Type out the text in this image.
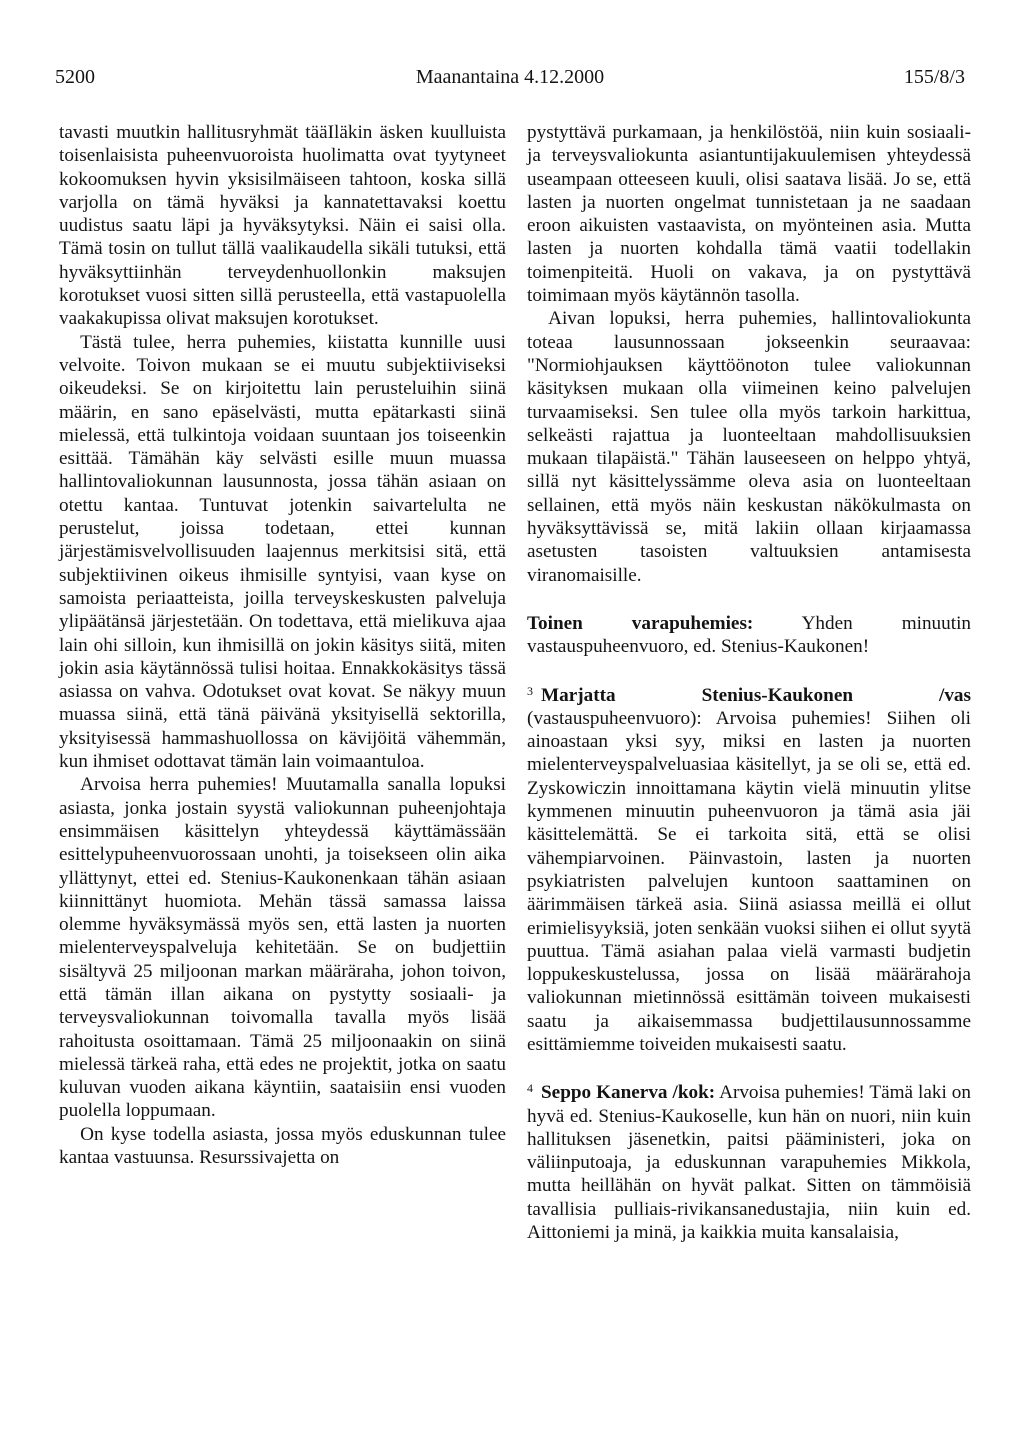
5200	Maanantaina 4.12.2000	155/8/3

tavasti muutkin hallitusryhmät tääIläkin äsken kuulluista toisenlaisista puheenvuoroista huolimatta ovat tyytyneet kokoomuksen hyvin yksisilmäiseen tahtoon, koska sillä varjolla on tämä hyväksi ja kannatettavaksi koettu uudistus saatu läpi ja hyväksytyksi. Näin ei saisi olla. Tämä tosin on tullut tällä vaalikaudella sikäli tutuksi, että hyväksyttiinhän terveydenhuollonkin maksujen korotukset vuosi sitten sillä perusteella, että vastapuolella vaakakupissa olivat maksujen korotukset.

Tästä tulee, herra puhemies, kiistatta kunnille uusi velvoite. Toivon mukaan se ei muutu subjektiiviseksi oikeudeksi. Se on kirjoitettu lain perusteluihin siinä määrin, en sano epäselvästi, mutta epätarkasti siinä mielessä, että tulkintoja voidaan suuntaan jos toiseenkin esittää. Tämähän käy selvästi esille muun muassa hallintovaliokunnan lausunnosta, jossa tähän asiaan on otettu kantaa. Tuntuvat jotenkin saivartelulta ne perustelut, joissa todetaan, ettei kunnan järjestämisvelvollisuuden laajennus merkitsisi sitä, että subjektiivinen oikeus ihmisille syntyisi, vaan kyse on samoista periaatteista, joilla terveyskeskusten palveluja ylipäätänsä järjestetään. On todettava, että mielikuva ajaa lain ohi silloin, kun ihmisillä on jokin käsitys siitä, miten jokin asia käytännössä tulisi hoitaa. Ennakkokäsitys tässä asiassa on vahva. Odotukset ovat kovat. Se näkyy muun muassa siinä, että tänä päivänä yksityisellä sektorilla, yksityisessä hammashuollossa on kävijöitä vähemmän, kun ihmiset odottavat tämän lain voimaantuloa.

Arvoisa herra puhemies! Muutamalla sanalla lopuksi asiasta, jonka jostain syystä valiokunnan puheenjohtaja ensimmäisen käsittelyn yhteydessä käyttämässään esittelypuheenvuorossaan unohti, ja toisekseen olin aika yllättynyt, ettei ed. Stenius-Kaukonenkaan tähän asiaan kiinnittänyt huomiota. Mehän tässä samassa laissa olemme hyväksymässä myös sen, että lasten ja nuorten mielenterveyspalveluja kehitetään. Se on budjettiin sisältyvä 25 miljoonan markan määräraha, johon toivon, että tämän illan aikana on pystytty sosiaali- ja terveysvaliokunnan toivomalla tavalla myös lisää rahoitusta osoittamaan. Tämä 25 miljoonaakin on siinä mielessä tärkeä raha, että edes ne projektit, jotka on saatu kuluvan vuoden aikana käyntiin, saataisiin ensi vuoden puolella loppumaan.

On kyse todella asiasta, jossa myös eduskunnan tulee kantaa vastuunsa. Resurssivajetta on

pystyttävä purkamaan, ja henkilöstöä, niin kuin sosiaali- ja terveysvaliokunta asiantuntijakuulemisen yhteydessä useampaan otteeseen kuuli, olisi saatava lisää. Jo se, että lasten ja nuorten ongelmat tunnistetaan ja ne saadaan eroon aikuisten vastaavista, on myönteinen asia. Mutta lasten ja nuorten kohdalla tämä vaatii todellakin toimenpiteitä. Huoli on vakava, ja on pystyttävä toimimaan myös käytännön tasolla.

Aivan lopuksi, herra puhemies, hallintovaliokunta toteaa lausunnossaan jokseenkin seuraavaa: "Normiohjauksen käyttöönoton tulee valiokunnan käsityksen mukaan olla viimeinen keino palvelujen turvaamiseksi. Sen tulee olla myös tarkoin harkittua, selkeästi rajattua ja luonteeltaan mahdollisuuksien mukaan tilapäistä." Tähän lauseeseen on helppo yhtyä, sillä nyt käsittelyssämme oleva asia on luonteeltaan sellainen, että myös näin keskustan näkökulmasta on hyväksyttävissä se, mitä lakiin ollaan kirjaamassa asetusten tasoisten valtuuksien antamisesta viranomaisille.

Toinen varapuhemies:	Yhden minuutin vastauspuheenvuoro, ed. Stenius-Kaukonen!

$^3$ Marjatta Stenius-Kaukonen /vas (vastauspuheenvuoro): Arvoisa puhemies! Siihen oli ainoastaan yksi syy, miksi en lasten ja nuorten mielenterveyspalveluasiaa käsitellyt, ja se oli se, että ed. Zyskowiczin innoittamana käytin vielä minuutin ylitse kymmenen minuutin puheenvuoron ja tämä asia jäi käsittelemättä. Se ei tarkoita sitä, että se olisi vähempiarvoinen. Päinvastoin, lasten ja nuorten psykiatristen palvelujen kuntoon saattaminen on äärimmäisen tärkeä asia. Siinä asiassa meillä ei ollut erimielisyyksiä, joten senkään vuoksi siihen ei ollut syytä puuttua. Tämä asiahan palaa vielä varmasti budjetin loppukeskustelussa, jossa on lisää määrärahoja valiokunnan mietinnössä esittämän toiveen mukaisesti saatu ja aikaisemmassa budjettilausunnossamme esittämiemme toiveiden mukaisesti saatu.

$^4$ Seppo Kanerva /kok: Arvoisa puhemies! Tämä laki on hyvä ed. Stenius-Kaukoselle, kun hän on nuori, niin kuin hallituksen jäsenetkin, paitsi pääministeri, joka on väliinputoaja, ja eduskunnan varapuhemies Mikkola, mutta heillähän on hyvät palkat. Sitten on tämmöisiä tavallisia pulliais-rivikansanedustajia, niin kuin ed. Aittoniemi ja minä, ja kaikkia muita kansalaisia,
